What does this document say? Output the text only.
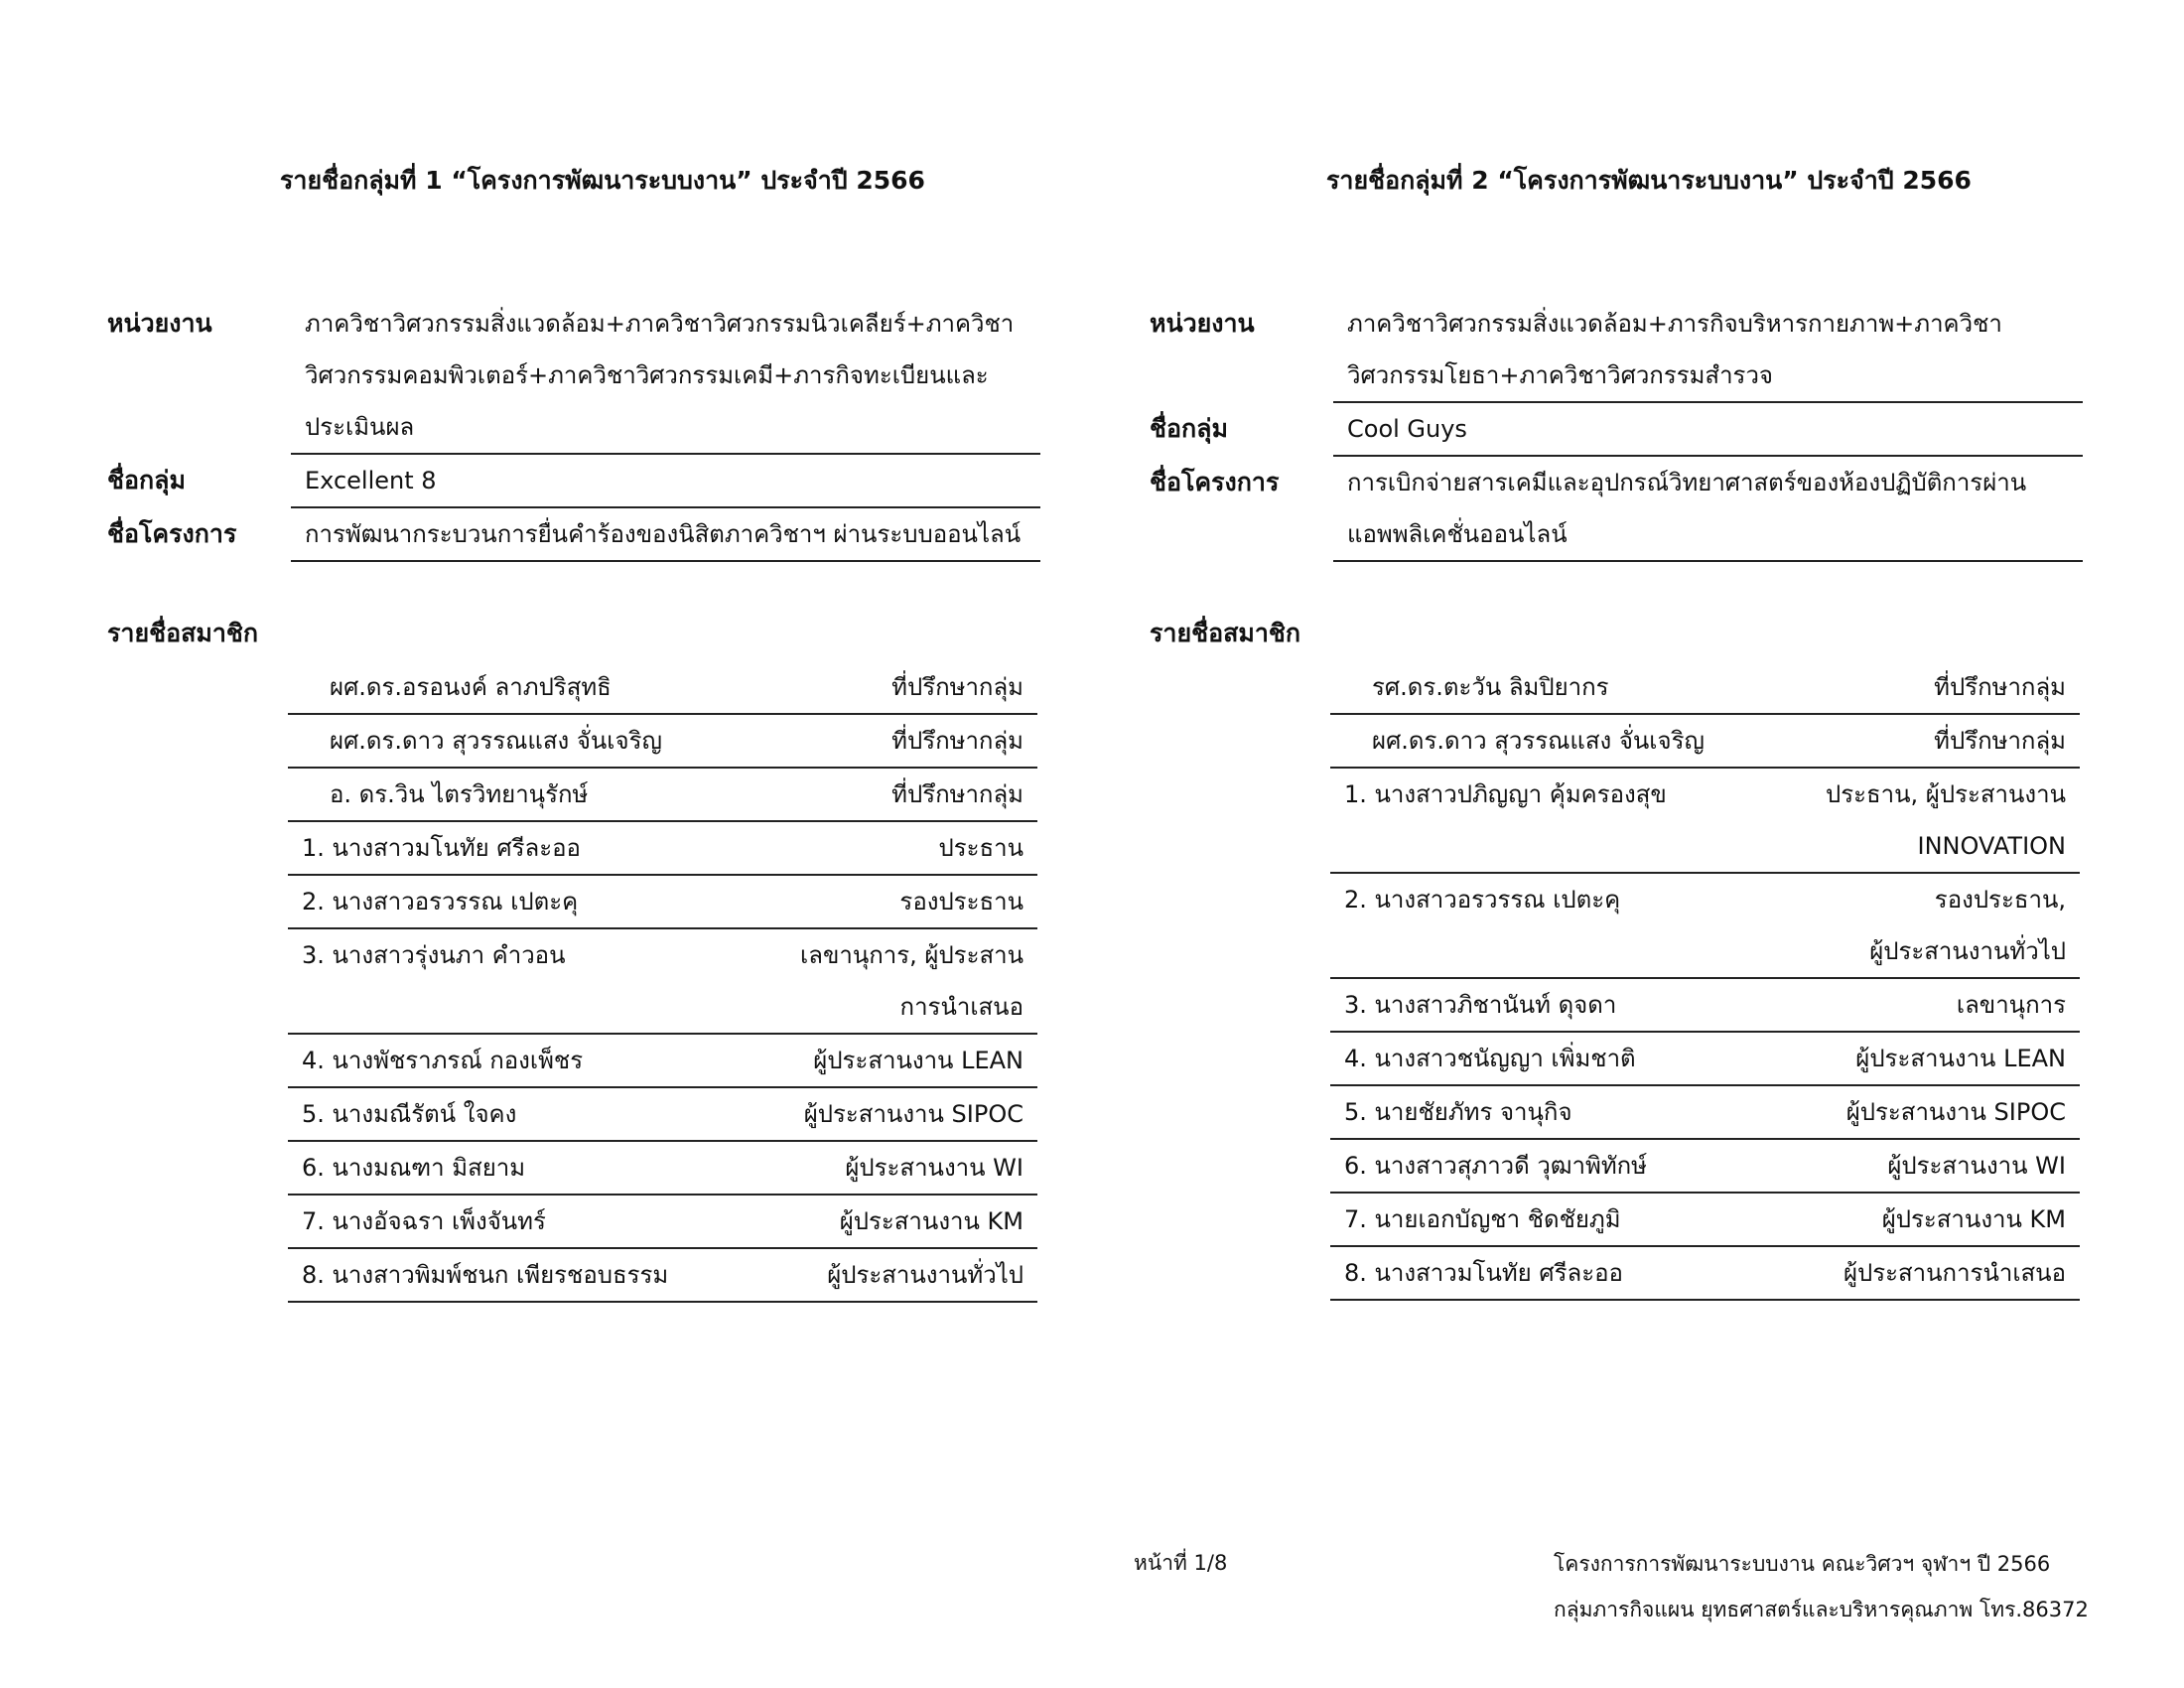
รายชื่อกลุ่มที่ 1 “โครงการพัฒนาระบบงาน” ประจำปี 2566
หน่วยงาน	ภาควิชาวิศวกรรมสิ่งแวดล้อม+ภาควิชาวิศวกรรมนิวเคลียร์+ภาควิชา
วิศวกรรมคอมพิวเตอร์+ภาควิชาวิศวกรรมเคมี+ภารกิจทะเบียนและ
ประเมินผล
ชื่อกลุ่ม	Excellent 8
ชื่อโครงการ	การพัฒนากระบวนการยื่นคำร้องของนิสิตภาควิชาฯ ผ่านระบบออนไลน์
รายชื่อสมาชิก
ผศ.ดร.อรอนงค์ ลาภปริสุทธิ	ที่ปรึกษากลุ่ม
ผศ.ดร.ดาว สุวรรณแสง จั่นเจริญ	ที่ปรึกษากลุ่ม
อ. ดร.วิน ไตรวิทยานุรักษ์	ที่ปรึกษากลุ่ม
1. นางสาวมโนทัย ศรีละออ	ประธาน
2. นางสาวอรวรรณ เปตะคุ	รองประธาน
3. นางสาวรุ่งนภา คำวอน	เลขานุการ, ผู้ประสาน
การนำเสนอ
4. นางพัชราภรณ์ กองเพ็ชร	ผู้ประสานงาน LEAN
5. นางมณีรัตน์ ใจคง	ผู้ประสานงาน SIPOC
6. นางมณฑา มิสยาม	ผู้ประสานงาน WI
7. นางอัจฉรา เพ็งจันทร์	ผู้ประสานงาน KM
8. นางสาวพิมพ์ชนก เพียรชอบธรรม	ผู้ประสานงานทั่วไป
รายชื่อกลุ่มที่ 2 “โครงการพัฒนาระบบงาน” ประจำปี 2566
หน่วยงาน	ภาควิชาวิศวกรรมสิ่งแวดล้อม+ภารกิจบริหารกายภาพ+ภาควิชา
วิศวกรรมโยธา+ภาควิชาวิศวกรรมสำรวจ
ชื่อกลุ่ม	Cool Guys
ชื่อโครงการ	การเบิกจ่ายสารเคมีและอุปกรณ์วิทยาศาสตร์ของห้องปฏิบัติการผ่าน
แอพพลิเคชั่นออนไลน์
รายชื่อสมาชิก
รศ.ดร.ตะวัน ลิมปิยากร	ที่ปรึกษากลุ่ม
ผศ.ดร.ดาว สุวรรณแสง จั่นเจริญ	ที่ปรึกษากลุ่ม
1. นางสาวปภิญญา คุ้มครองสุข	ประธาน, ผู้ประสานงาน
INNOVATION
2. นางสาวอรวรรณ เปตะคุ	รองประธาน,
ผู้ประสานงานทั่วไป
3. นางสาวภิชานันท์ ดุจดา	เลขานุการ
4. นางสาวชนัญญา เพิ่มชาติ	ผู้ประสานงาน LEAN
5. นายชัยภัทร จานุกิจ	ผู้ประสานงาน SIPOC
6. นางสาวสุภาวดี วุฒาพิทักษ์	ผู้ประสานงาน WI
7. นายเอกบัญชา ชิดชัยภูมิ	ผู้ประสานงาน KM
8. นางสาวมโนทัย ศรีละออ	ผู้ประสานการนำเสนอ
หน้าที่ 1/8	โครงการการพัฒนาระบบงาน คณะวิศวฯ จุฬาฯ ปี 2566
กลุ่มภารกิจแผน ยุทธศาสตร์และบริหารคุณภาพ โทร.86372
